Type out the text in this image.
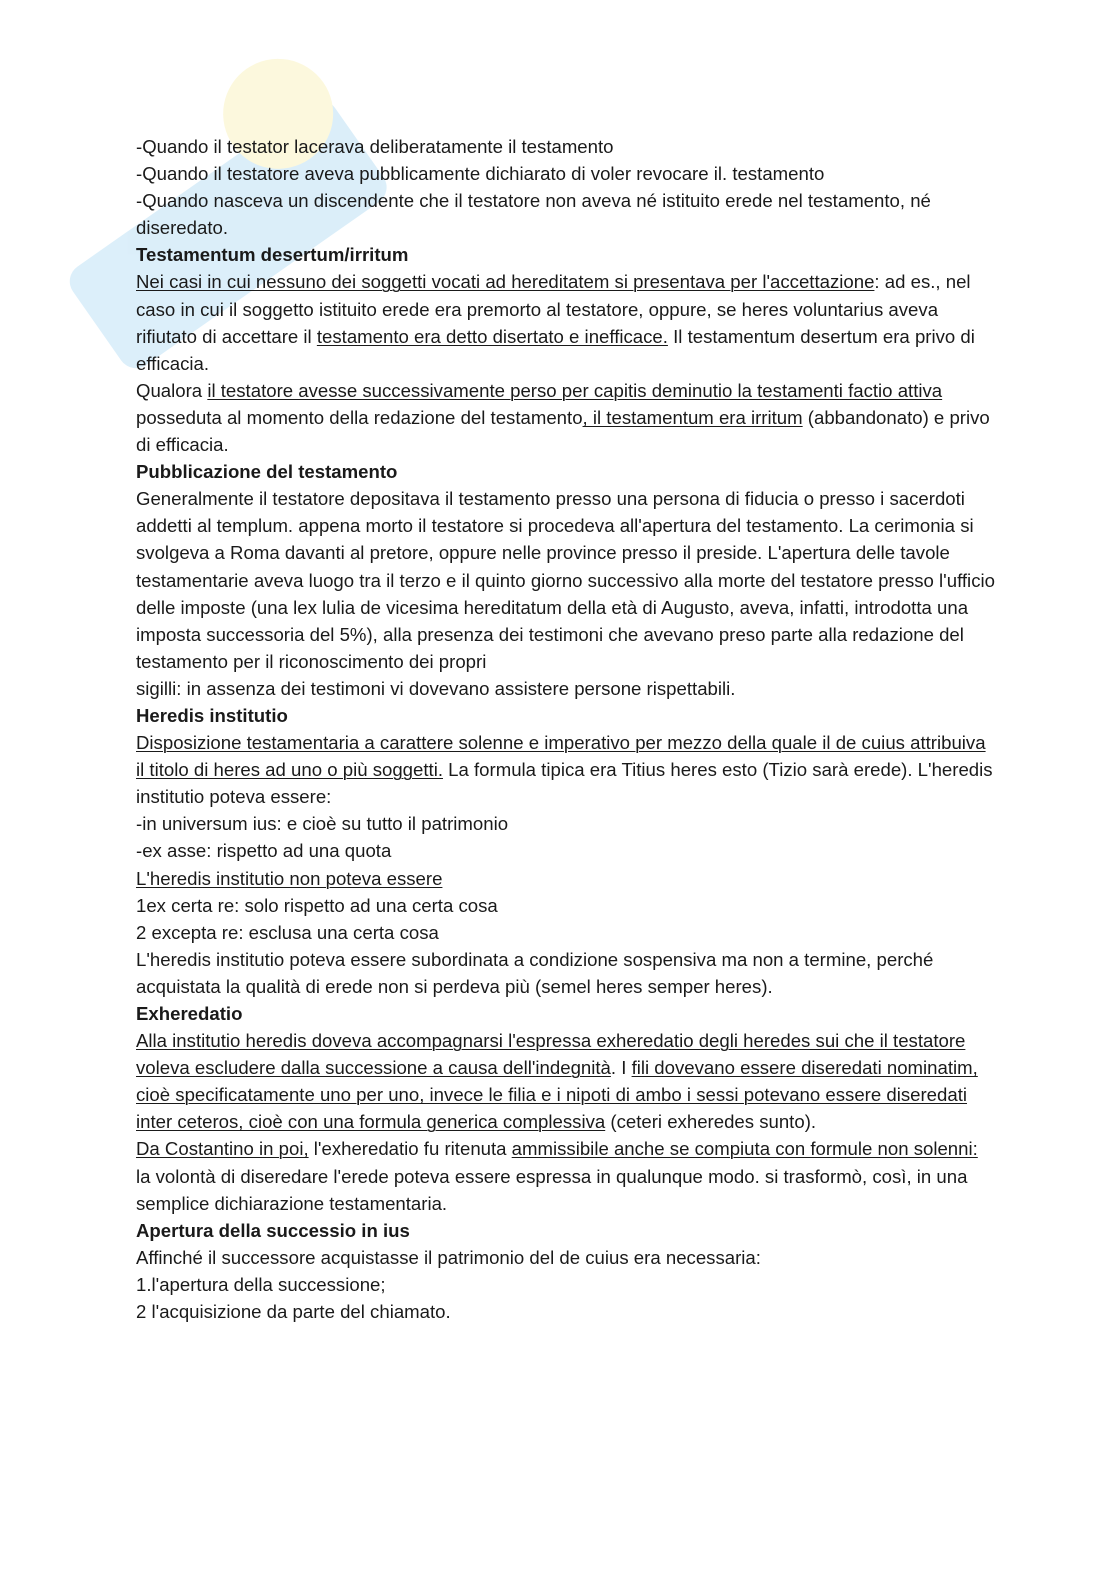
-Quando il testator lacerava deliberatamente il testamento

-Quando il testatore aveva pubblicamente dichiarato di voler revocare il. testamento

-Quando nasceva un discendente che il testatore non aveva né istituito erede nel testamento, né diseredato.

Testamentum desertum/irritum

Nei casi in cui nessuno dei soggetti vocati ad hereditatem si presentava per l'accettazione: ad es., nel caso in cui il soggetto istituito erede era premorto al testatore, oppure, se heres voluntarius aveva rifiutato di accettare il testamento era detto disertato e inefficace. Il testamentum desertum era privo di efficacia.

Qualora il testatore avesse successivamente perso per capitis deminutio la testamenti factio attiva posseduta al momento della redazione del testamento, il testamentum era irritum (abbandonato) e privo di efficacia.

Pubblicazione del testamento

Generalmente il testatore depositava il testamento presso una persona di fiducia o presso i sacerdoti addetti al templum. appena morto il testatore si procedeva all'apertura del testamento. La cerimonia si svolgeva a Roma davanti al pretore, oppure nelle province presso il preside. L'apertura delle tavole testamentarie aveva luogo tra il terzo e il quinto giorno successivo alla morte del testatore presso l'ufficio delle imposte (una lex lulia de vicesima hereditatum della età di Augusto, aveva, infatti, introdotta una imposta successoria del 5%), alla presenza dei testimoni che avevano preso parte alla redazione del testamento per il riconoscimento dei propri

sigilli: in assenza dei testimoni vi dovevano assistere persone rispettabili.

Heredis institutio

Disposizione testamentaria a carattere solenne e imperativo per mezzo della quale il de cuius attribuiva il titolo di heres ad uno o più soggetti. La formula tipica era Titius heres esto (Tizio sarà erede). L'heredis institutio poteva essere:

-in universum ius: e cioè su tutto il patrimonio

-ex asse: rispetto ad una quota

L'heredis institutio non poteva essere

1ex certa re: solo rispetto ad una certa cosa

2 excepta re: esclusa una certa cosa

L'heredis institutio poteva essere subordinata a condizione sospensiva ma non a termine, perché acquistata la qualità di erede non si perdeva più (semel heres semper heres).

Exheredatio

Alla institutio heredis doveva accompagnarsi l'espressa exheredatio degli heredes sui che il testatore voleva escludere dalla successione a causa dell'indegnità. I fili dovevano essere diseredati nominatim, cioè specificatamente uno per uno, invece le filia e i nipoti di ambo i sessi potevano essere diseredati inter ceteros, cioè con una formula generica complessiva (ceteri exheredes sunto).

Da Costantino in poi, l'exheredatio fu ritenuta ammissibile anche se compiuta con formule non solenni: la volontà di diseredare l'erede poteva essere espressa in qualunque modo. si trasformò, così, in una semplice dichiarazione testamentaria.

Apertura della successio in ius

Affinché il successore acquistasse il patrimonio del de cuius era necessaria:

1.l'apertura della successione;

2 l'acquisizione da parte del chiamato.
